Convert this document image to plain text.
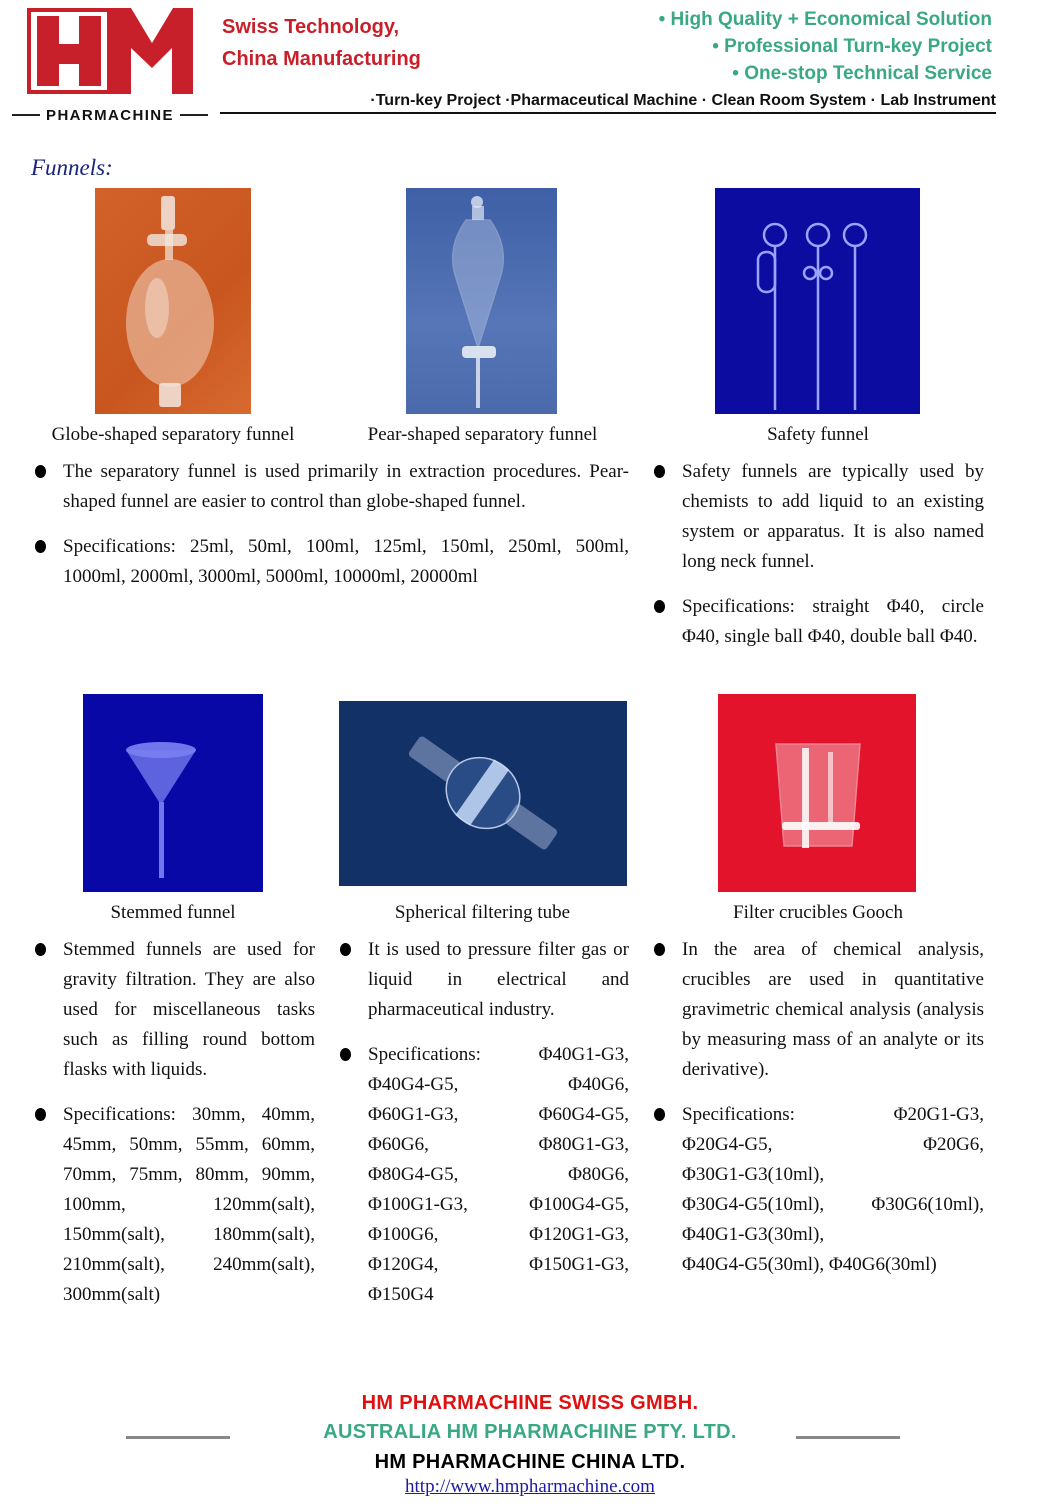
PHARMACHINE
Swiss Technology,
China Manufacturing
• High Quality + Economical Solution
• Professional Turn-key Project
• One-stop Technical Service
·Turn-key Project ·Pharmaceutical Machine · Clean Room System · Lab Instrument
Funnels:
Globe-shaped separatory funnel	Pear-shaped separatory funnel	Safety funnel
The separatory funnel is used primarily in extraction procedures. Pear-shaped funnel are easier to control than globe-shaped funnel.
Specifications: 25ml, 50ml, 100ml, 125ml, 150ml, 250ml, 500ml, 1000ml, 2000ml, 3000ml, 5000ml, 10000ml, 20000ml
Safety funnels are typically used by chemists to add liquid to an existing system or apparatus. It is also named long neck funnel.
Specifications: straight Φ40, circle Φ40, single ball Φ40, double ball Φ40.
Stemmed funnel	Spherical filtering tube	Filter crucibles Gooch
Stemmed funnels are used for gravity filtration. They are also used for miscellaneous tasks such as filling round bottom flasks with liquids.
Specifications: 30mm, 40mm, 45mm, 50mm, 55mm, 60mm, 70mm, 75mm, 80mm, 90mm, 100mm, 120mm(salt), 150mm(salt), 180mm(salt), 210mm(salt), 240mm(salt), 300mm(salt)
It is used to pressure filter gas or liquid in electrical and pharmaceutical industry.
Specifications:	Φ40G1-G3,
Φ40G4-G5,	Φ40G6,
Φ60G1-G3,	Φ60G4-G5,
Φ60G6,	Φ80G1-G3,
Φ80G4-G5,	Φ80G6,
Φ100G1-G3,	Φ100G4-G5,
Φ100G6,	Φ120G1-G3,
Φ120G4,	Φ150G1-G3,
Φ150G4
In the area of chemical analysis, crucibles are used in quantitative gravimetric chemical analysis (analysis by measuring mass of an analyte or its derivative).
Specifications:	Φ20G1-G3,
Φ20G4-G5,	Φ20G6,
Φ30G1-G3(10ml),
Φ30G4-G5(10ml), Φ30G6(10ml),
Φ40G1-G3(30ml),
Φ40G4-G5(30ml), Φ40G6(30ml)
HM PHARMACHINE SWISS GMBH.
AUSTRALIA HM PHARMACHINE PTY. LTD.
HM PHARMACHINE CHINA LTD.
http://www.hmpharmachine.com
